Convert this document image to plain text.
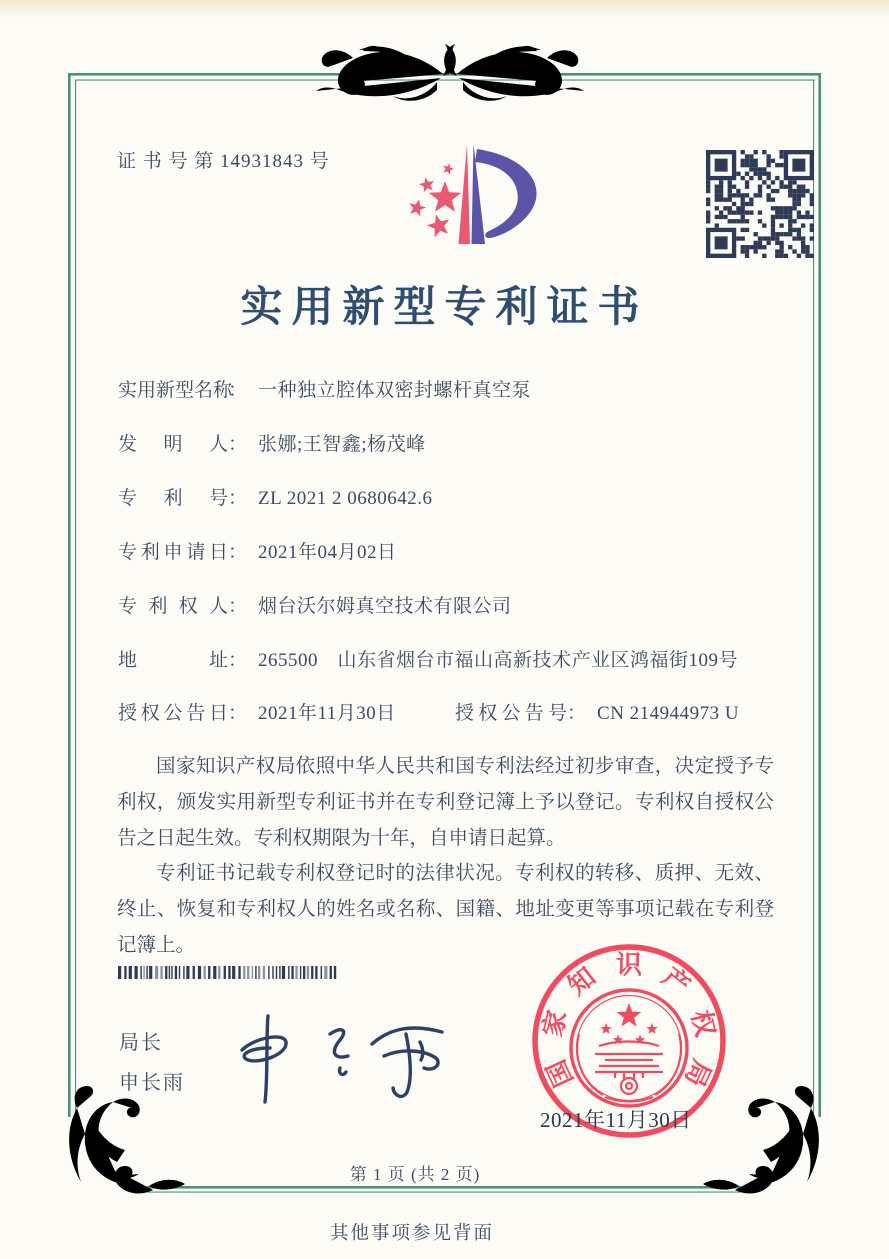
证 书 号 第 14931843 号
实用新型专利证书
实用新型名称： 一种独立腔体双密封螺杆真空泵
发明人： 张娜;王智鑫;杨茂峰
专利号： ZL 2021 2 0680642.6
专利申请日： 2021年04月02日
专利权人： 烟台沃尔姆真空技术有限公司
地址： 265500　山东省烟台市福山高新技术产业区鸿福街109号
授权公告日： 2021年11月30日	授权公告号： CN 214944973 U

国家知识产权局依照中华人民共和国专利法经过初步审查，决定授予专利权，颁发实用新型专利证书并在专利登记簿上予以登记。专利权自授权公告之日起生效。专利权期限为十年，自申请日起算。

专利证书记载专利权登记时的法律状况。专利权的转移、质押、无效、终止、恢复和专利权人的姓名或名称、国籍、地址变更等事项记载在专利登记簿上。

局长
申长雨	国
家
知 识 产
权
局
2021年11月30日
第 1 页 (共 2 页)
其他事项参见背面
